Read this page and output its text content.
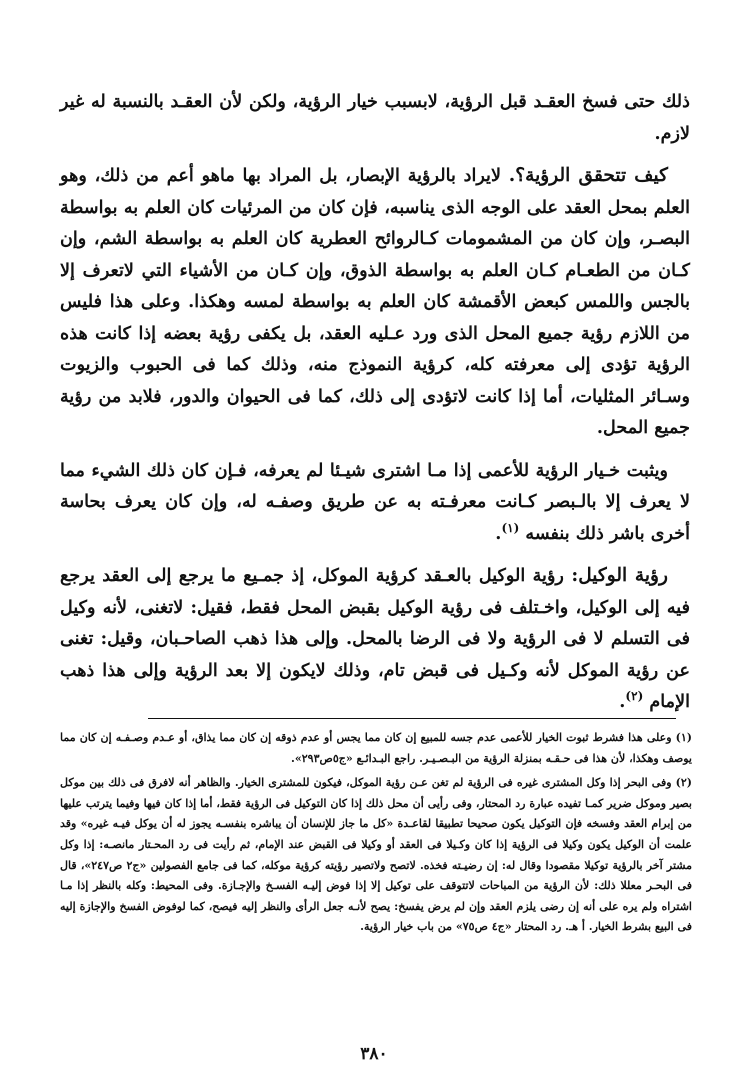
ذلك حتى فسخ العقـد قبل الرؤية، لابسبب خيار الرؤية، ولكن لأن العقـد بالنسبة له غير لازم.

كيف تتحقق الرؤية؟. لايراد بالرؤية الإبصار، بل المراد بها ماهو أعم من ذلك، وهو العلم بمحل العقد على الوجه الذى يناسبه، فإن كان من المرئيات كان العلم به بواسطة البصـر، وإن كان من المشمومات كـالروائح العطرية كان العلم به بواسطة الشم، وإن كـان من الطعـام كـان العلم به بواسطة الذوق، وإن كـان من الأشياء التي لاتعرف إلا بالجس واللمس كبعض الأقمشة كان العلم به بواسطة لمسه وهكذا. وعلى هذا فليس من اللازم رؤية جميع المحل الذى ورد عـليه العقد، بل يكفى رؤية بعضه إذا كانت هذه الرؤية تؤدى إلى معرفته كله، كرؤية النموذج منه، وذلك كما فى الحبوب والزيوت وسـائر المثليات، أما إذا كانت لاتؤدى إلى ذلك، كما فى الحيوان والدور، فلابد من رؤية جميع المحل.

ويثبت خـيار الرؤية للأعمى إذا مـا اشترى شيـئا لم يعرفه، فـإن كان ذلك الشيء مما لا يعرف إلا بالـبصر كـانت معرفـته به عن طريق وصفـه له، وإن كان يعرف بحاسة أخرى باشر ذلك بنفسه $^{(١)}$.

رؤية الوكيل: رؤية الوكيل بالعـقد كرؤية الموكل، إذ جمـيع ما يرجع إلى العقد يرجع فيه إلى الوكيل، واخـتلف فى رؤية الوكيل بقبض المحل فقط، فقيل: لاتغنى، لأنه وكيل فى التسلم لا فى الرؤية ولا فى الرضا بالمحل. وإلى هذا ذهب الصاحـبان، وقيل: تغنى عن رؤية الموكل لأنه وكـيل فى قبض تام، وذلك لايكون إلا بعد الرؤية وإلى هذا ذهب الإمام $^{(٢)}$.

(١) وعلى هذا فشرط ثبوت الخيار للأعمى عدم جسه للمبيع إن كان مما يجس أو عدم ذوقه إن كان مما يذاق، أو عـدم وصـفـه إن كان مما يوصف وهكذا، لأن هذا فى حـقـه بمنزلة الرؤية من البـصـيـر. راجع البـدائـع «ج٥ص٢٩٣».

(٢) وفى البحر إذا وكل المشترى غيره فى الرؤية لم تغن عـن رؤية الموكل، فيكون للمشترى الخيار. والظاهر أنه لافرق فى ذلك بين موكل بصير وموكل ضرير كمـا تفيده عبارة رد المحتار، وفى رأيى أن محل ذلك إذا كان التوكيل فى الرؤية فقط، أما إذا كان فيها وفيما يترتب عليها من إبرام العقد وفسخه فإن التوكيل يكون صحيحا تطبيقا لقاعـدة «كل ما جاز للإنسان أن يباشره بنفسـه يجوز له أن يوكل فيـه غيره» وقد علمت أن الوكيل يكون وكيلا فى الرؤية إذا كان وكـيلا فى العقد أو وكيلا فى القبض عند الإمام، ثم رأيت فى رد المحـتار مانصـه: إذا وكل مشتر آخر بالرؤية توكيلا مقصودا وقال له: إن رضيـته فخذه. لاتصح ولاتصير رؤيته كرؤية موكله، كما فى جامع الفصولين «ج٢ ص٢٤٧»، قال فى البحـر معللا ذلك: لأن الرؤية من المباحات لاتتوقف على توكيل إلا إذا فوض إليـه الفسـخ والإجـازة. وفى المحيط: وكله بالنظر إذا مـا اشتراه ولم يره على أنه إن رضى يلزم العقد وإن لم يرض يفسخ: يصح لأنـه جعل الرأى والنظر إليه فيصح، كما لوفوض الفسخ والإجازة إليه فى البيع بشرط الخيار. أ هـ. رد المحتار «ج٤ ص٧٥» من باب خيار الرؤية.

٣٨٠
